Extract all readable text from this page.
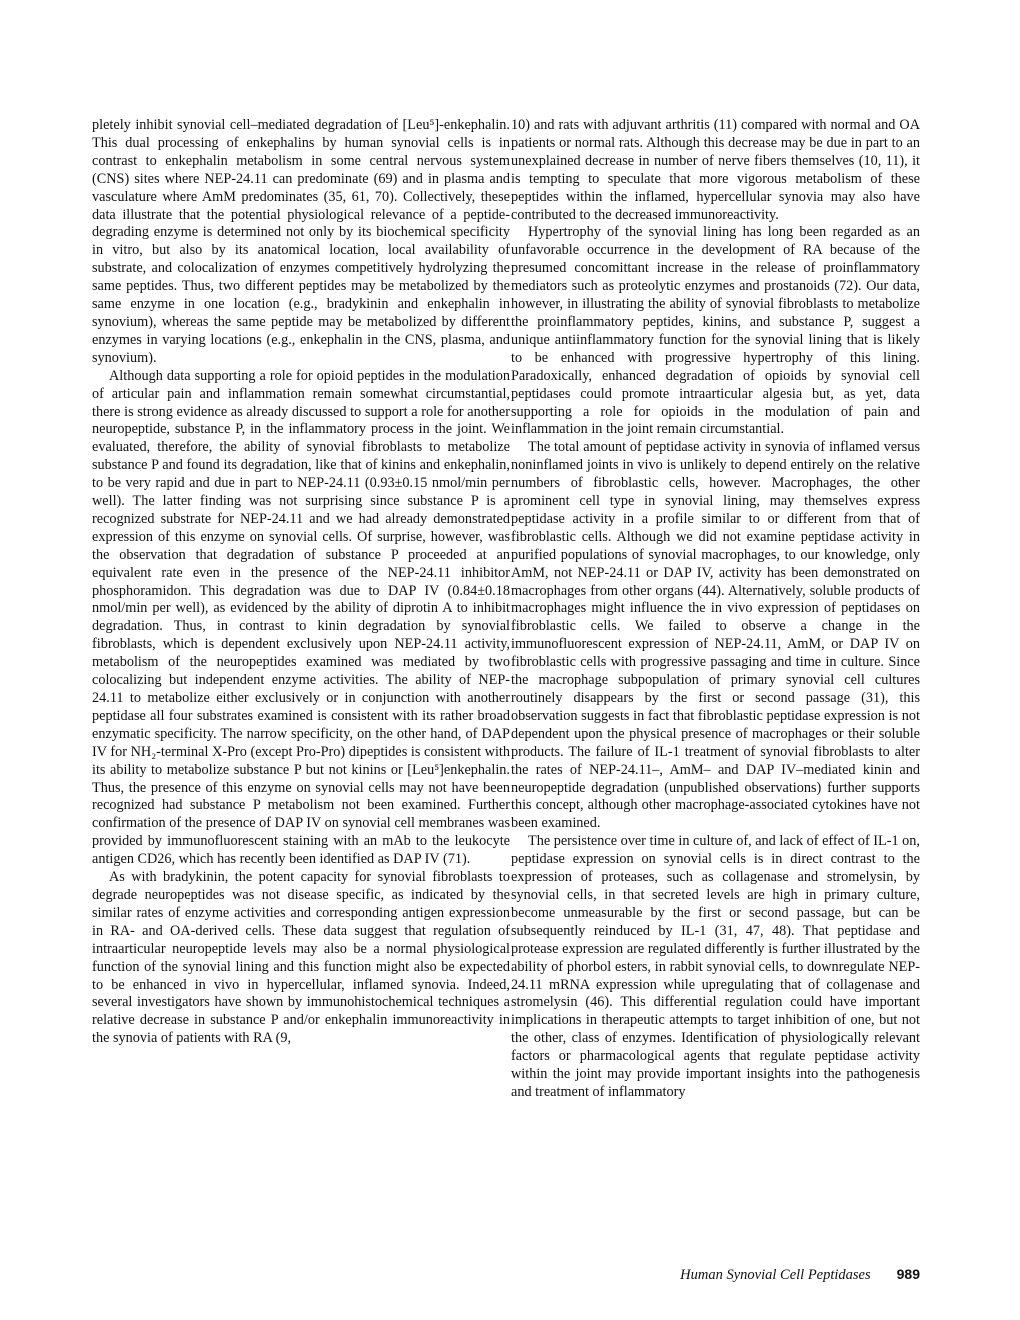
pletely inhibit synovial cell–mediated degradation of [Leu⁵]-enkephalin. This dual processing of enkephalins by human synovial cells is in contrast to enkephalin metabolism in some central nervous system (CNS) sites where NEP-24.11 can predominate (69) and in plasma and vasculature where AmM predominates (35, 61, 70). Collectively, these data illustrate that the potential physiological relevance of a peptide-degrading enzyme is determined not only by its biochemical specificity in vitro, but also by its anatomical location, local availability of substrate, and colocalization of enzymes competitively hydrolyzing the same peptides. Thus, two different peptides may be metabolized by the same enzyme in one location (e.g., bradykinin and enkephalin in synovium), whereas the same peptide may be metabolized by different enzymes in varying locations (e.g., enkephalin in the CNS, plasma, and synovium).

Although data supporting a role for opioid peptides in the modulation of articular pain and inflammation remain somewhat circumstantial, there is strong evidence as already discussed to support a role for another neuropeptide, substance P, in the inflammatory process in the joint. We evaluated, therefore, the ability of synovial fibroblasts to metabolize substance P and found its degradation, like that of kinins and enkephalin, to be very rapid and due in part to NEP-24.11 (0.93±0.15 nmol/min per well). The latter finding was not surprising since substance P is a recognized substrate for NEP-24.11 and we had already demonstrated expression of this enzyme on synovial cells. Of surprise, however, was the observation that degradation of substance P proceeded at an equivalent rate even in the presence of the NEP-24.11 inhibitor phosphoramidon. This degradation was due to DAP IV (0.84±0.18 nmol/min per well), as evidenced by the ability of diprotin A to inhibit degradation. Thus, in contrast to kinin degradation by synovial fibroblasts, which is dependent exclusively upon NEP-24.11 activity, metabolism of the neuropeptides examined was mediated by two colocalizing but independent enzyme activities. The ability of NEP-24.11 to metabolize either exclusively or in conjunction with another peptidase all four substrates examined is consistent with its rather broad enzymatic specificity. The narrow specificity, on the other hand, of DAP IV for NH₂-terminal X-Pro (except Pro-Pro) dipeptides is consistent with its ability to metabolize substance P but not kinins or [Leu⁵]enkephalin. Thus, the presence of this enzyme on synovial cells may not have been recognized had substance P metabolism not been examined. Further confirmation of the presence of DAP IV on synovial cell membranes was provided by immunofluorescent staining with an mAb to the leukocyte antigen CD26, which has recently been identified as DAP IV (71).

As with bradykinin, the potent capacity for synovial fibroblasts to degrade neuropeptides was not disease specific, as indicated by the similar rates of enzyme activities and corresponding antigen expression in RA- and OA-derived cells. These data suggest that regulation of intraarticular neuropeptide levels may also be a normal physiological function of the synovial lining and this function might also be expected to be enhanced in vivo in hypercellular, inflamed synovia. Indeed, several investigators have shown by immunohistochemical techniques a relative decrease in substance P and/or enkephalin immunoreactivity in the synovia of patients with RA (9,

10) and rats with adjuvant arthritis (11) compared with normal and OA patients or normal rats. Although this decrease may be due in part to an unexplained decrease in number of nerve fibers themselves (10, 11), it is tempting to speculate that more vigorous metabolism of these peptides within the inflamed, hypercellular synovia may also have contributed to the decreased immunoreactivity.

Hypertrophy of the synovial lining has long been regarded as an unfavorable occurrence in the development of RA because of the presumed concomittant increase in the release of proinflammatory mediators such as proteolytic enzymes and prostanoids (72). Our data, however, in illustrating the ability of synovial fibroblasts to metabolize the proinflammatory peptides, kinins, and substance P, suggest a unique antiinflammatory function for the synovial lining that is likely to be enhanced with progressive hypertrophy of this lining. Paradoxically, enhanced degradation of opioids by synovial cell peptidases could promote intraarticular algesia but, as yet, data supporting a role for opioids in the modulation of pain and inflammation in the joint remain circumstantial.

The total amount of peptidase activity in synovia of inflamed versus noninflamed joints in vivo is unlikely to depend entirely on the relative numbers of fibroblastic cells, however. Macrophages, the other prominent cell type in synovial lining, may themselves express peptidase activity in a profile similar to or different from that of fibroblastic cells. Although we did not examine peptidase activity in purified populations of synovial macrophages, to our knowledge, only AmM, not NEP-24.11 or DAP IV, activity has been demonstrated on macrophages from other organs (44). Alternatively, soluble products of macrophages might influence the in vivo expression of peptidases on fibroblastic cells. We failed to observe a change in the immunofluorescent expression of NEP-24.11, AmM, or DAP IV on fibroblastic cells with progressive passaging and time in culture. Since the macrophage subpopulation of primary synovial cell cultures routinely disappears by the first or second passage (31), this observation suggests in fact that fibroblastic peptidase expression is not dependent upon the physical presence of macrophages or their soluble products. The failure of IL-1 treatment of synovial fibroblasts to alter the rates of NEP-24.11–, AmM– and DAP IV–mediated kinin and neuropeptide degradation (unpublished observations) further supports this concept, although other macrophage-associated cytokines have not been examined.

The persistence over time in culture of, and lack of effect of IL-1 on, peptidase expression on synovial cells is in direct contrast to the expression of proteases, such as collagenase and stromelysin, by synovial cells, in that secreted levels are high in primary culture, become unmeasurable by the first or second passage, but can be subsequently reinduced by IL-1 (31, 47, 48). That peptidase and protease expression are regulated differently is further illustrated by the ability of phorbol esters, in rabbit synovial cells, to downregulate NEP-24.11 mRNA expression while upregulating that of collagenase and stromelysin (46). This differential regulation could have important implications in therapeutic attempts to target inhibition of one, but not the other, class of enzymes. Identification of physiologically relevant factors or pharmacological agents that regulate peptidase activity within the joint may provide important insights into the pathogenesis and treatment of inflammatory

Human Synovial Cell Peptidases 989
